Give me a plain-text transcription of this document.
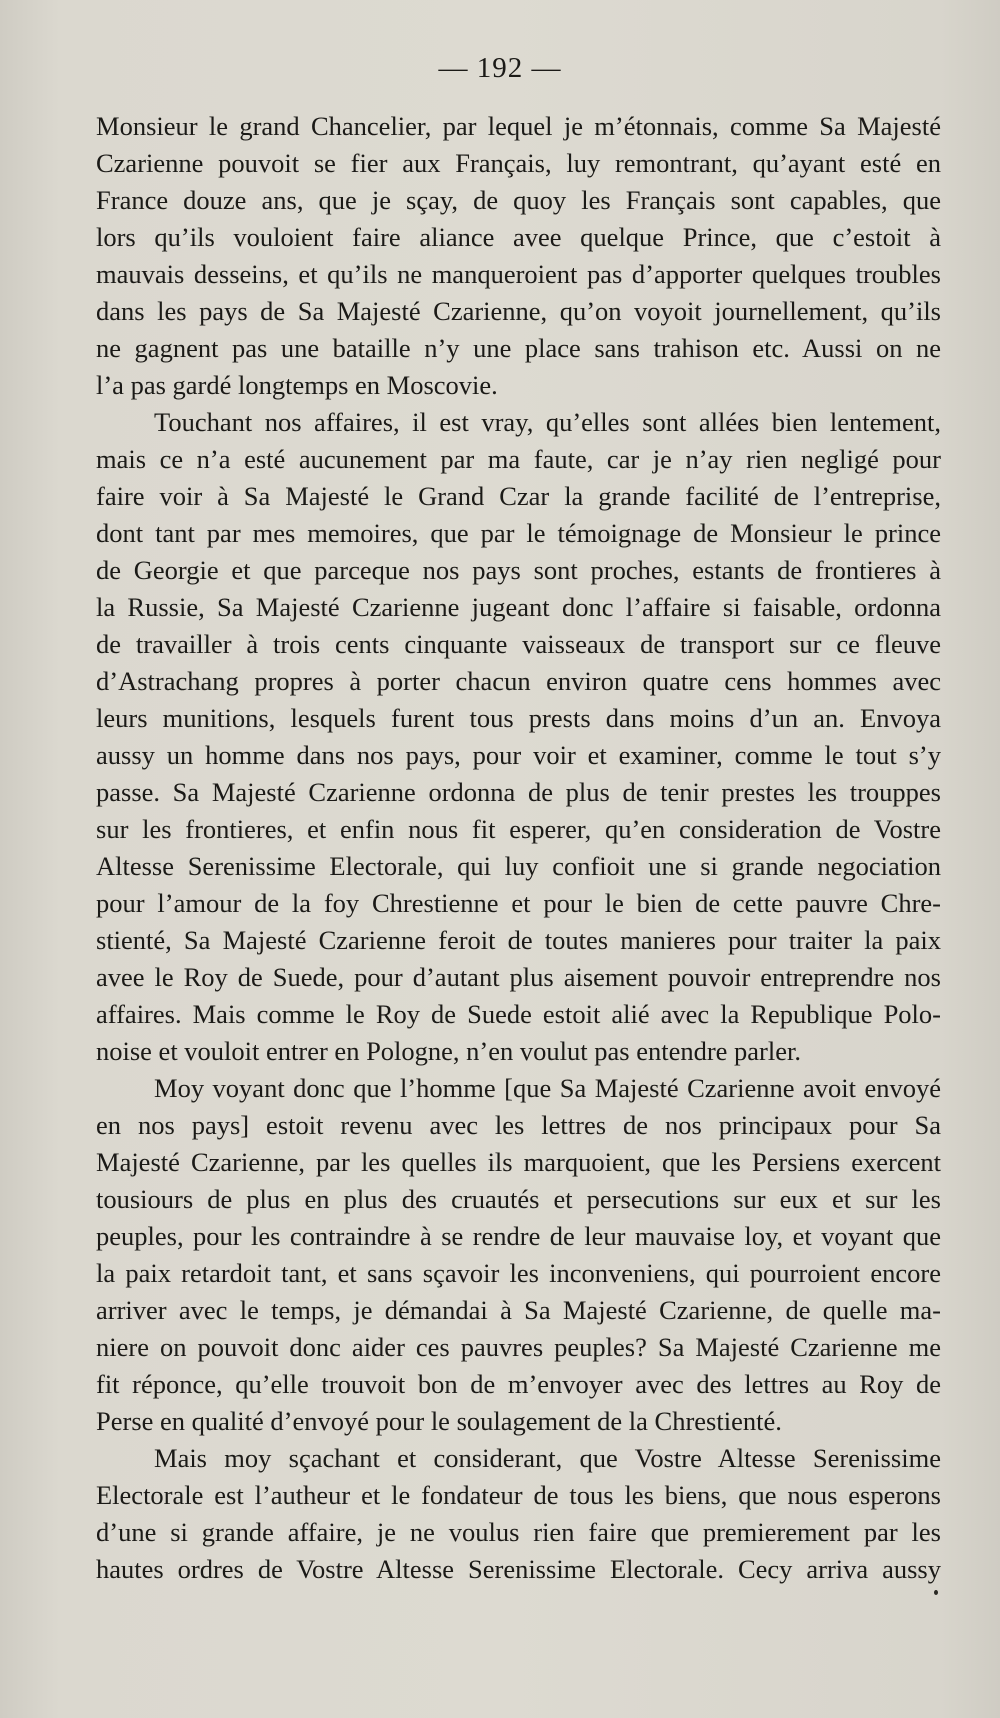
— 192 —

Monsieur le grand Chancelier, par lequel je m’étonnais, comme Sa Majesté
Czarienne pouvoit se fier aux Français, luy remontrant, qu’ayant esté en
France douze ans, que je sçay, de quoy les Français sont capables, que
lors qu’ils vouloient faire aliance avee quelque Prince, que c’estoit à
mauvais desseins, et qu’ils ne manqueroient pas d’apporter quelques troubles
dans les pays de Sa Majesté Czarienne, qu’on voyoit journellement, qu’ils
ne gagnent pas une bataille n’y une place sans trahison etc. Aussi on ne
l’a pas gardé longtemps en Moscovie.

Touchant nos affaires, il est vray, qu’elles sont allées bien lentement,
mais ce n’a esté aucunement par ma faute, car je n’ay rien negligé pour
faire voir à Sa Majesté le Grand Czar la grande facilité de l’entreprise,
dont tant par mes memoires, que par le témoignage de Monsieur le prince
de Georgie et que parceque nos pays sont proches, estants de frontieres à
la Russie, Sa Majesté Czarienne jugeant donc l’affaire si faisable, ordonna
de travailler à trois cents cinquante vaisseaux de transport sur ce fleuve
d’Astrachang propres à porter chacun environ quatre cens hommes avec
leurs munitions, lesquels furent tous prests dans moins d’un an. Envoya
aussy un homme dans nos pays, pour voir et examiner, comme le tout s’y
passe. Sa Majesté Czarienne ordonna de plus de tenir prestes les trouppes
sur les frontieres, et enfin nous fit esperer, qu’en consideration de Vostre
Altesse Serenissime Electorale, qui luy confioit une si grande negociation
pour l’amour de la foy Chrestienne et pour le bien de cette pauvre Chre-
stienté, Sa Majesté Czarienne feroit de toutes manieres pour traiter la paix
avee le Roy de Suede, pour d’autant plus aisement pouvoir entreprendre nos
affaires. Mais comme le Roy de Suede estoit alié avec la Republique Polo-
noise et vouloit entrer en Pologne, n’en voulut pas entendre parler.

Moy voyant donc que l’homme [que Sa Majesté Czarienne avoit envoyé
en nos pays] estoit revenu avec les lettres de nos principaux pour Sa
Majesté Czarienne, par les quelles ils marquoient, que les Persiens exercent
tousiours de plus en plus des cruautés et persecutions sur eux et sur les
peuples, pour les contraindre à se rendre de leur mauvaise loy, et voyant que
la paix retardoit tant, et sans sçavoir les inconveniens, qui pourroient encore
arriver avec le temps, je démandai à Sa Majesté Czarienne, de quelle ma-
niere on pouvoit donc aider ces pauvres peuples? Sa Majesté Czarienne me
fit réponce, qu’elle trouvoit bon de m’envoyer avec des lettres au Roy de
Perse en qualité d’envoyé pour le soulagement de la Chrestienté.

Mais moy sçachant et considerant, que Vostre Altesse Serenissime
Electorale est l’autheur et le fondateur de tous les biens, que nous esperons
d’une si grande affaire, je ne voulus rien faire que premierement par les
hautes ordres de Vostre Altesse Serenissime Electorale. Cecy arriva aussy
